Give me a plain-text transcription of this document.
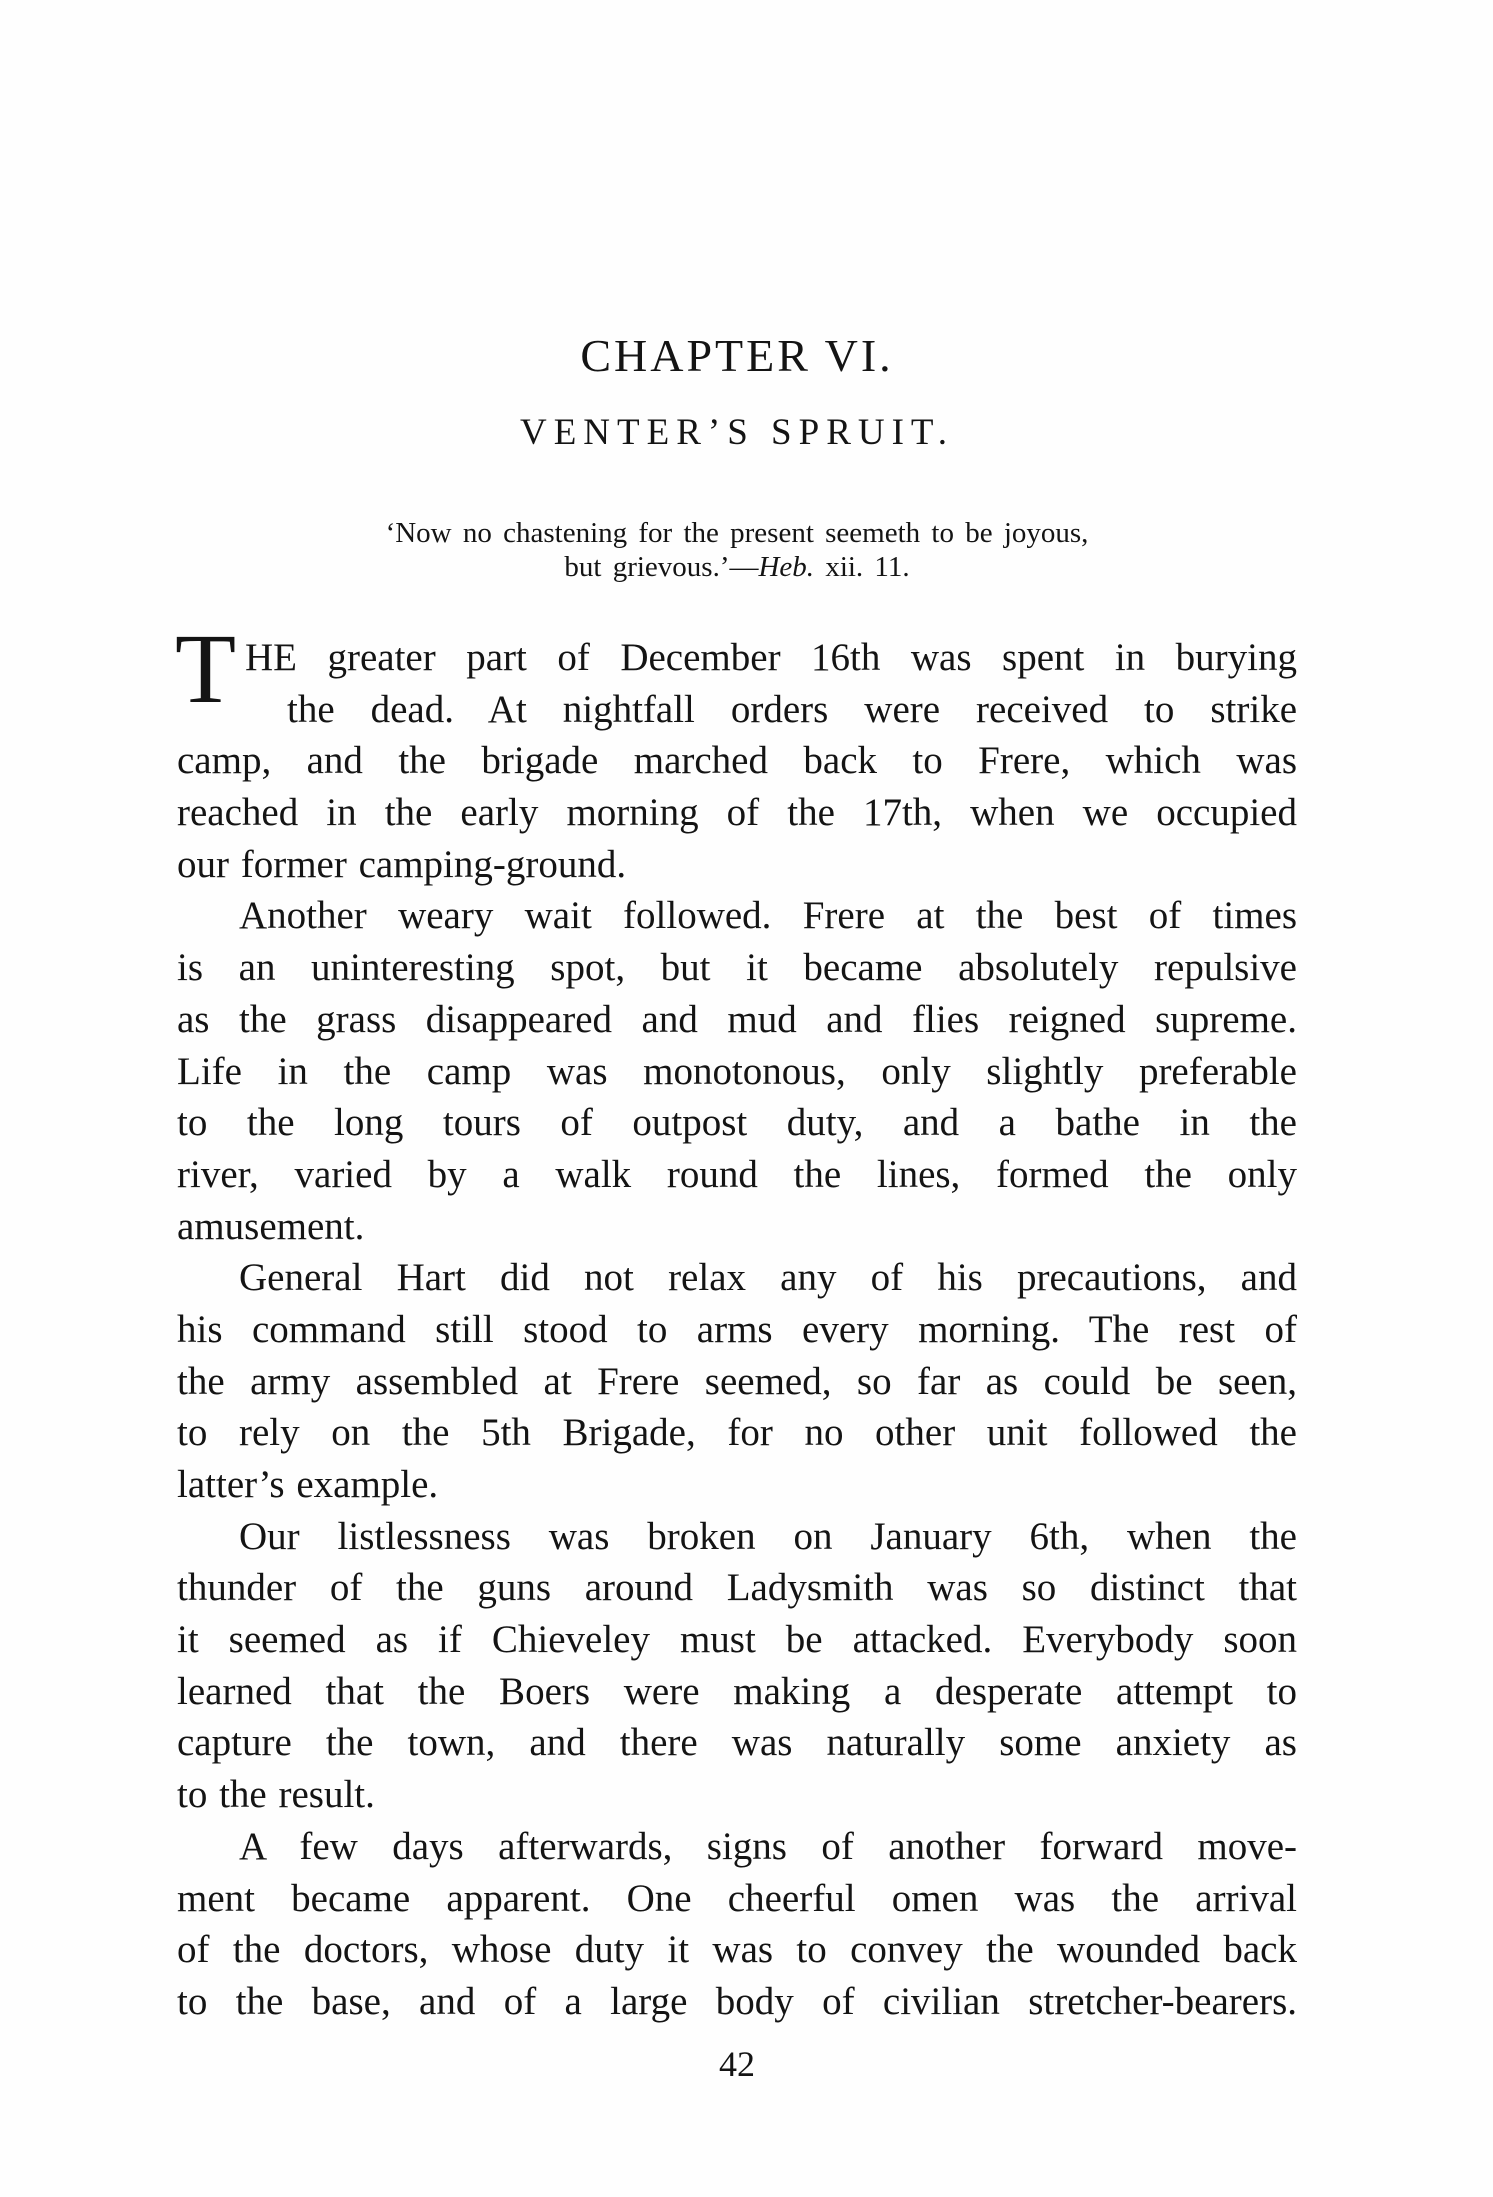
CHAPTER VI.
VENTER’S SPRUIT.
‘Now no chastening for the present seemeth to be joyous,
but grievous.’—Heb. xii. 11.
T HE greater part of December 16th was spent in burying
the dead. At nightfall orders were received to strike
camp, and the brigade marched back to Frere, which was
reached in the early morning of the 17th, when we occupied
our former camping-ground.
Another weary wait followed. Frere at the best of times
is an uninteresting spot, but it became absolutely repulsive
as the grass disappeared and mud and flies reigned supreme.
Life in the camp was monotonous, only slightly preferable
to the long tours of outpost duty, and a bathe in the
river, varied by a walk round the lines, formed the only
amusement.
General Hart did not relax any of his precautions, and
his command still stood to arms every morning. The rest of
the army assembled at Frere seemed, so far as could be seen,
to rely on the 5th Brigade, for no other unit followed the
latter’s example.
Our listlessness was broken on January 6th, when the
thunder of the guns around Ladysmith was so distinct that
it seemed as if Chieveley must be attacked. Everybody soon
learned that the Boers were making a desperate attempt to
capture the town, and there was naturally some anxiety as
to the result.
A few days afterwards, signs of another forward move-
ment became apparent. One cheerful omen was the arrival
of the doctors, whose duty it was to convey the wounded back
to the base, and of a large body of civilian stretcher-bearers.
42
